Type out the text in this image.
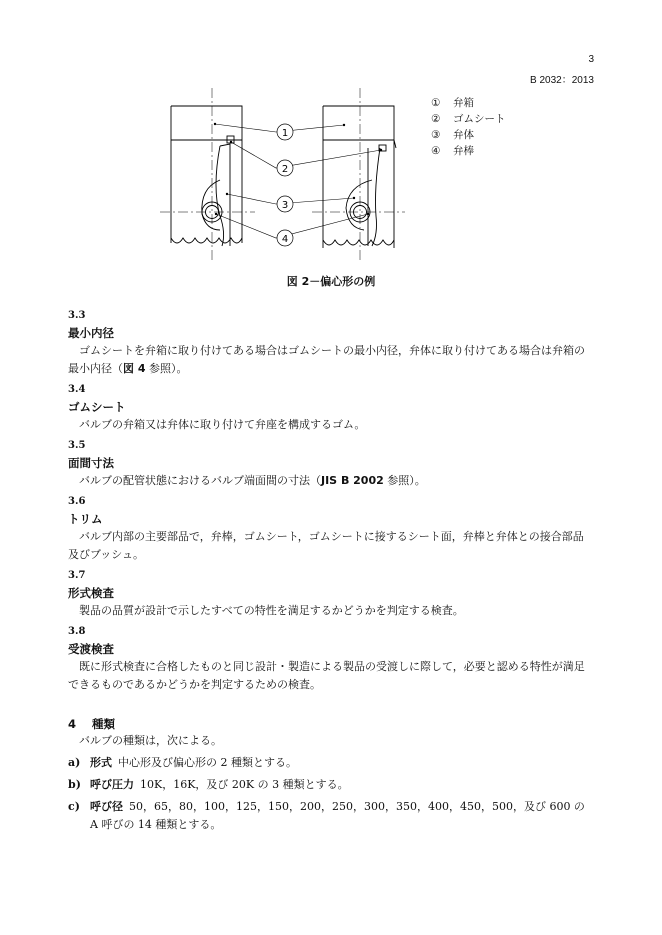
3
B 2032：2013
1
2
3
4
①	弁箱
②	ゴムシート
③	弁体
④	弁棒
図 2－偏心形の例
3.3
最小内径

ゴムシートを弁箱に取り付けてある場合はゴムシートの最小内径，弁体に取り付けてある場合は弁箱の最小内径（図 4 参照）。

3.4
ゴムシート

バルブの弁箱又は弁体に取り付けて弁座を構成するゴム。

3.5
面間寸法

バルブの配管状態におけるバルブ端面間の寸法（JIS B 2002 参照）。

3.6
トリム

バルブ内部の主要部品で，弁棒，ゴムシート，ゴムシートに接するシート面，弁棒と弁体との接合部品及びブッシュ。

3.7
形式検査

製品の品質が設計で示したすべての特性を満足するかどうかを判定する検査。

3.8
受渡検査

既に形式検査に合格したものと同じ設計・製造による製品の受渡しに際して，必要と認める特性が満足できるものであるかどうかを判定するための検査。

4 種類

バルブの種類は，次による。

a) 形式 中心形及び偏心形の 2 種類とする。
b) 呼び圧力 10K，16K，及び 20K の 3 種類とする。
c) 呼び径 50，65，80，100，125，150，200，250，300，350，400，450，500，及び 600 の A 呼びの 14 種類とする。
